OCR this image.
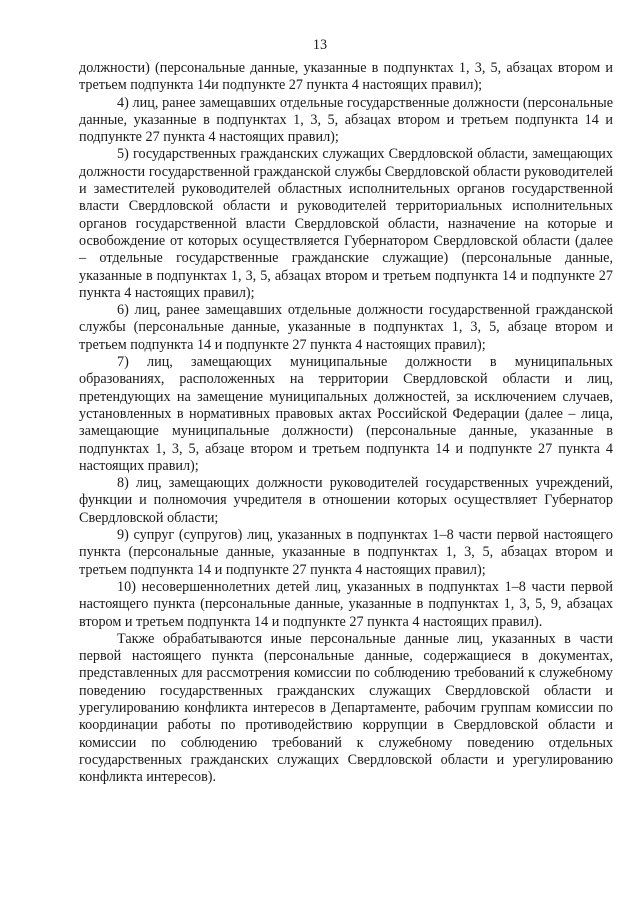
13

должности) (персональные данные, указанные в подпунктах 1, 3, 5, абзацах втором и третьем подпункта 14и подпункте 27 пункта 4 настоящих правил);

4) лиц, ранее замещавших отдельные государственные должности (персональные данные, указанные в подпунктах 1, 3, 5, абзацах втором и третьем подпункта 14 и подпункте 27 пункта 4 настоящих правил);

5) государственных гражданских служащих Свердловской области, замещающих должности государственной гражданской службы Свердловской области руководителей и заместителей руководителей областных исполнительных органов государственной власти Свердловской области и руководителей территориальных исполнительных органов государственной власти Свердловской области, назначение на которые и освобождение от которых осуществляется Губернатором Свердловской области (далее – отдельные государственные гражданские служащие) (персональные данные, указанные в подпунктах 1, 3, 5, абзацах втором и третьем подпункта 14 и подпункте 27 пункта 4 настоящих правил);

6) лиц, ранее замещавших отдельные должности государственной гражданской службы (персональные данные, указанные в подпунктах 1, 3, 5, абзаце втором и третьем подпункта 14 и подпункте 27 пункта 4 настоящих правил);

7) лиц, замещающих муниципальные должности в муниципальных образованиях, расположенных на территории Свердловской области и лиц, претендующих на замещение муниципальных должностей, за исключением случаев, установленных в нормативных правовых актах Российской Федерации (далее – лица, замещающие муниципальные должности) (персональные данные, указанные в подпунктах 1, 3, 5, абзаце втором и третьем подпункта 14 и подпункте 27 пункта 4 настоящих правил);

8) лиц, замещающих должности руководителей государственных учреждений, функции и полномочия учредителя в отношении которых осуществляет Губернатор Свердловской области;

9) супруг (супругов) лиц, указанных в подпунктах 1–8 части первой настоящего пункта (персональные данные, указанные в подпунктах 1, 3, 5, абзацах втором и третьем подпункта 14 и подпункте 27 пункта 4 настоящих правил);

10) несовершеннолетних детей лиц, указанных в подпунктах 1–8 части первой настоящего пункта (персональные данные, указанные в подпунктах 1, 3, 5, 9, абзацах втором и третьем подпункта 14 и подпункте 27 пункта 4 настоящих правил).

Также обрабатываются иные персональные данные лиц, указанных в части первой настоящего пункта (персональные данные, содержащиеся в документах, представленных для рассмотрения комиссии по соблюдению требований к служебному поведению государственных гражданских служащих Свердловской области и урегулированию конфликта интересов в Департаменте, рабочим группам комиссии по координации работы по противодействию коррупции в Свердловской области и комиссии по соблюдению требований к служебному поведению отдельных государственных гражданских служащих Свердловской области и урегулированию конфликта интересов).
